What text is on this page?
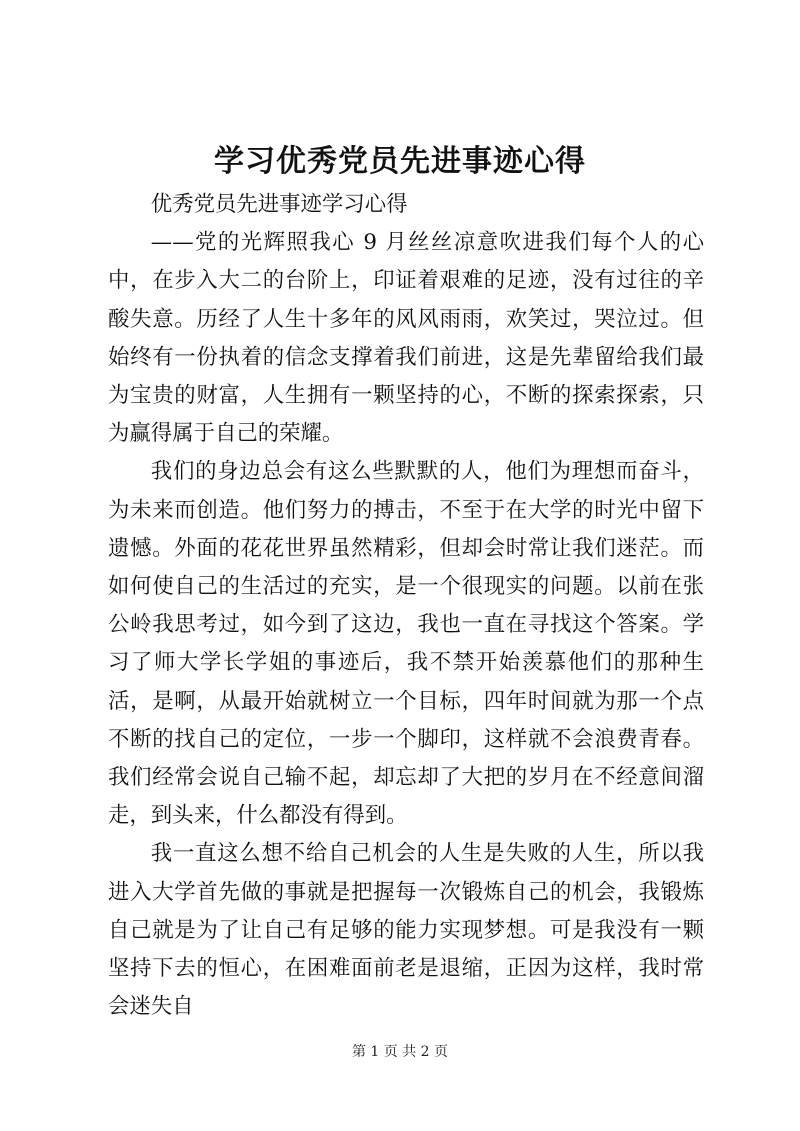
学习优秀党员先进事迹心得

优秀党员先进事迹学习心得

——党的光辉照我心 9 月丝丝凉意吹进我们每个人的心中，在步入大二的台阶上，印证着艰难的足迹，没有过往的辛酸失意。历经了人生十多年的风风雨雨，欢笑过，哭泣过。但始终有一份执着的信念支撑着我们前进，这是先辈留给我们最为宝贵的财富，人生拥有一颗坚持的心，不断的探索探索，只为赢得属于自己的荣耀。

我们的身边总会有这么些默默的人，他们为理想而奋斗，为未来而创造。他们努力的搏击，不至于在大学的时光中留下遗憾。外面的花花世界虽然精彩，但却会时常让我们迷茫。而如何使自己的生活过的充实，是一个很现实的问题。以前在张公岭我思考过，如今到了这边，我也一直在寻找这个答案。学习了师大学长学姐的事迹后，我不禁开始羡慕他们的那种生活，是啊，从最开始就树立一个目标，四年时间就为那一个点不断的找自己的定位，一步一个脚印，这样就不会浪费青春。我们经常会说自己输不起，却忘却了大把的岁月在不经意间溜走，到头来，什么都没有得到。

我一直这么想不给自己机会的人生是失败的人生，所以我进入大学首先做的事就是把握每一次锻炼自己的机会，我锻炼自己就是为了让自己有足够的能力实现梦想。可是我没有一颗坚持下去的恒心，在困难面前老是退缩，正因为这样，我时常会迷失自

第 1 页 共 2 页
